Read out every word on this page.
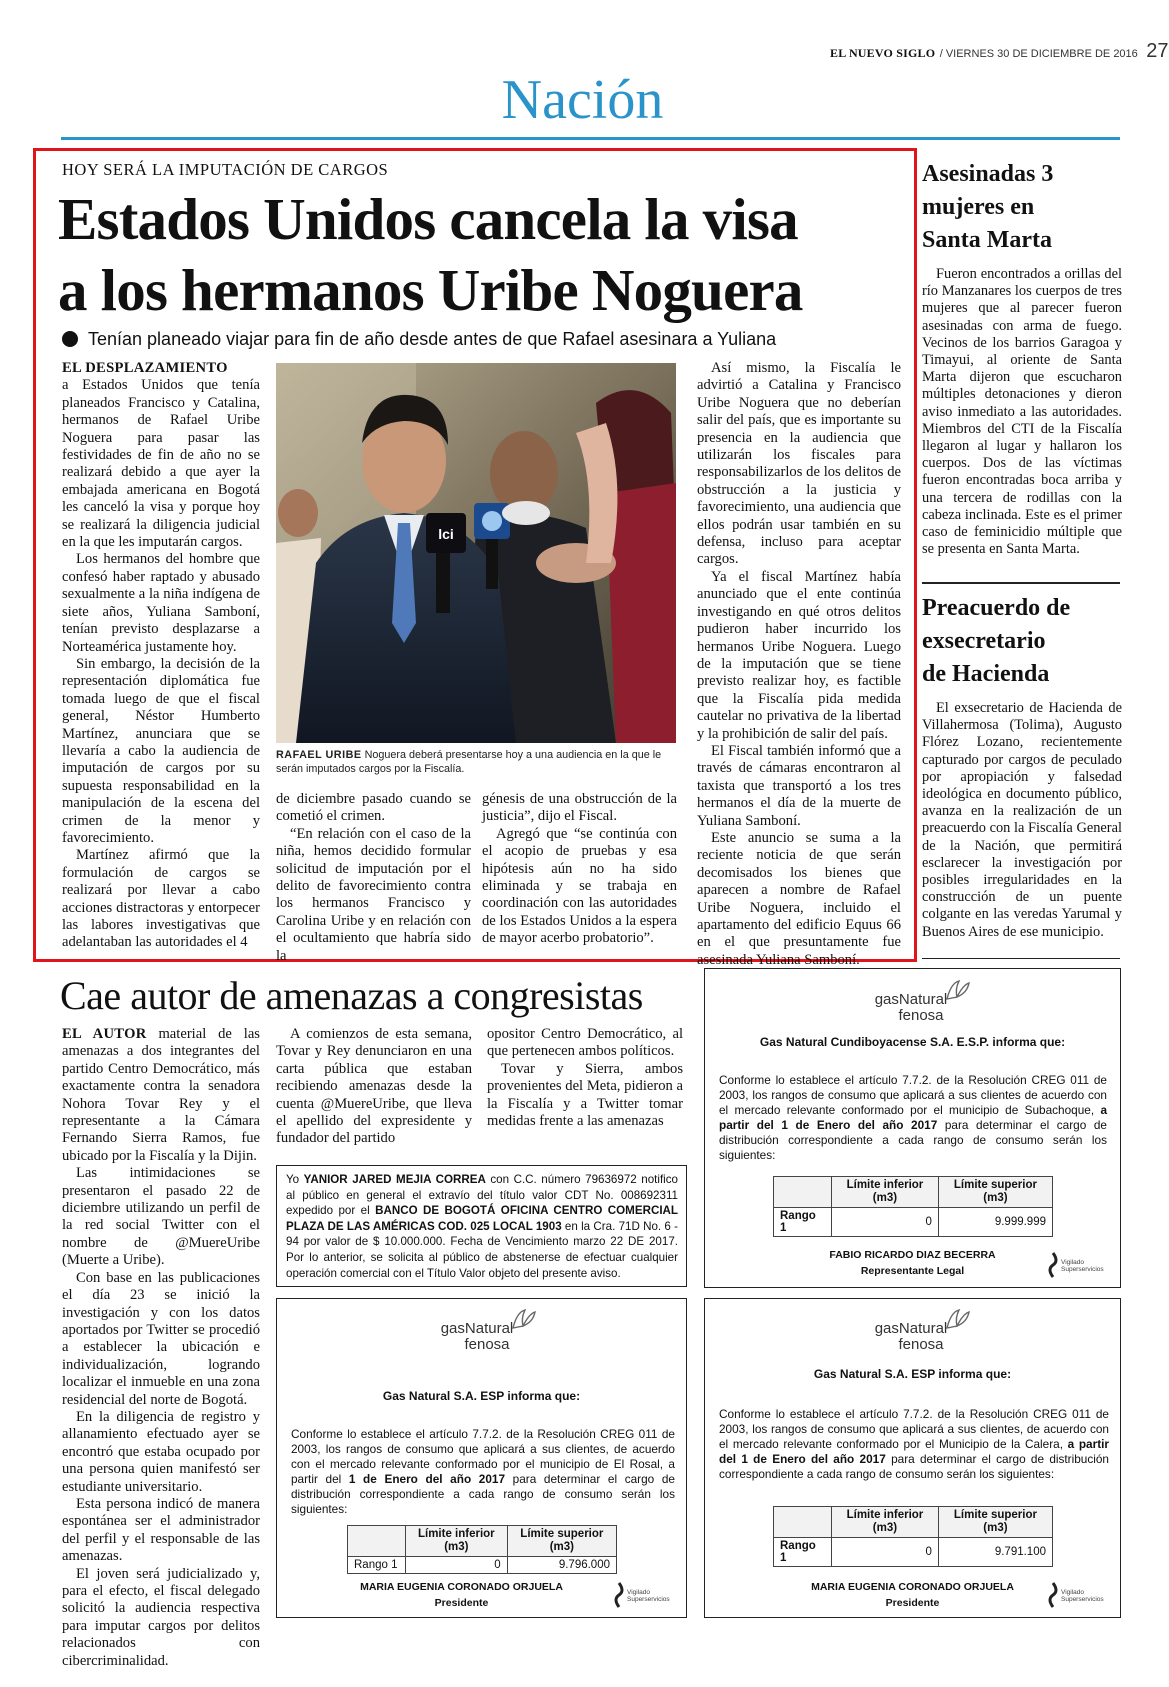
EL NUEVO SIGLO / VIERNES 30 DE DICIEMBRE DE 2016 27
Nación
HOY SERÁ LA IMPUTACIÓN DE CARGOS
Estados Unidos cancela la visa
a los hermanos Uribe Noguera
Tenían planeado viajar para fin de año desde antes de que Rafael asesinara a Yuliana

EL DESPLAZAMIENTO
a Estados Unidos que tenía planeados Francisco y Catalina, hermanos de Rafael Uribe Noguera para pasar las festividades de fin de año no se realizará debido a que ayer la embajada americana en Bogotá les canceló la visa y porque hoy se realizará la diligencia judicial en la que les imputarán cargos.

Los hermanos del hombre que confesó haber raptado y abusado sexualmente a la niña indígena de siete años, Yuliana Samboní, tenían previsto desplazarse a Norteamérica justamente hoy.

Sin embargo, la decisión de la representación diplomática fue tomada luego de que el fiscal general, Néstor Humberto Martínez, anunciara que se llevaría a cabo la audiencia de imputación de cargos por su supuesta responsabilidad en la manipulación de la escena del crimen de la menor y favorecimiento.

Martínez afirmó que la formulación de cargos se realizará por llevar a cabo acciones distractoras y entorpecer las labores investigativas que adelantaban las autoridades el 4

lci
RAFAEL URIBE Noguera deberá presentarse hoy a una audiencia en la que le serán imputados cargos por la Fiscalía.

de diciembre pasado cuando se cometió el crimen.

“En relación con el caso de la niña, hemos decidido formular solicitud de imputación por el delito de favorecimiento contra los hermanos Francisco y Carolina Uribe y en relación con el ocultamiento que habría sido la

génesis de una obstrucción de la justicia”, dijo el Fiscal.

Agregó que “se continúa con el acopio de pruebas y esa hipótesis aún no ha sido eliminada y se trabaja en coordinación con las autoridades de los Estados Unidos a la espera de mayor acerbo probatorio”.

Así mismo, la Fiscalía le advirtió a Catalina y Francisco Uribe Noguera que no deberían salir del país, que es importante su presencia en la audiencia que utilizarán los fiscales para responsabilizarlos de los delitos de obstrucción a la justicia y favorecimiento, una audiencia que ellos podrán usar también en su defensa, incluso para aceptar cargos.

Ya el fiscal Martínez había anunciado que el ente continúa investigando en qué otros delitos pudieron haber incurrido los hermanos Uribe Noguera. Luego de la imputación que se tiene previsto realizar hoy, es factible que la Fiscalía pida medida cautelar no privativa de la libertad y la prohibición de salir del país.

El Fiscal también informó que a través de cámaras encontraron al taxista que transportó a los tres hermanos el día de la muerte de Yuliana Samboní.

Este anuncio se suma a la reciente noticia de que serán decomisados los bienes que aparecen a nombre de Rafael Uribe Noguera, incluido el apartamento del edificio Equus 66 en el que presuntamente fue asesinada Yuliana Samboní.

Asesinadas 3
mujeres en
Santa Marta
Fueron encontrados a orillas del río Manzanares los cuerpos de tres mujeres que al parecer fueron asesinadas con arma de fuego. Vecinos de los barrios Garagoa y Timayui, al oriente de Santa Marta dijeron que escucharon múltiples detonaciones y dieron aviso inmediato a las autoridades. Miembros del CTI de la Fiscalía llegaron al lugar y hallaron los cuerpos. Dos de las víctimas fueron encontradas boca arriba y una tercera de rodillas con la cabeza inclinada. Este es el primer caso de feminicidio múltiple que se presenta en Santa Marta.
Preacuerdo de
exsecretario
de Hacienda
El exsecretario de Hacienda de Villahermosa (Tolima), Augusto Flórez Lozano, recientemente capturado por cargos de peculado por apropiación y falsedad ideológica en documento público, avanza en la realización de un preacuerdo con la Fiscalía General de la Nación, que permitirá esclarecer la investigación por posibles irregularidades en la construcción de un puente colgante en las veredas Yarumal y Buenos Aires de ese municipio.
Cae autor de amenazas a congresistas

EL AUTOR material de las amenazas a dos integrantes del partido Centro Democrático, más exactamente contra la senadora Nohora Tovar Rey y el representante a la Cámara Fernando Sierra Ramos, fue ubicado por la Fiscalía y la Dijin.

Las intimidaciones se presentaron el pasado 22 de diciembre utilizando un perfil de la red social Twitter con el nombre de @MuereUribe (Muerte a Uribe).

Con base en las publicaciones el día 23 se inició la investigación y con los datos aportados por Twitter se procedió a establecer la ubicación e individualización, logrando localizar el inmueble en una zona residencial del norte de Bogotá.

En la diligencia de registro y allanamiento efectuado ayer se encontró que estaba ocupado por una persona quien manifestó ser estudiante universitario.

Esta persona indicó de manera espontánea ser el administrador del perfil y el responsable de las amenazas.

El joven será judicializado y, para el efecto, el fiscal delegado solicitó la audiencia respectiva para imputar cargos por delitos relacionados con cibercriminalidad.

A comienzos de esta semana, Tovar y Rey denunciaron en una carta pública que estaban recibiendo amenazas desde la cuenta @MuereUribe, que lleva el apellido del expresidente y fundador del partido

opositor Centro Democrático, al que pertenecen ambos políticos.

Tovar y Sierra, ambos provenientes del Meta, pidieron a la Fiscalía y a Twitter tomar medidas frente a las amenazas

Yo YANIOR JARED MEJIA CORREA con C.C. número 79636972 notifico al público en general el extravío del título valor CDT No. 008692311 expedido por el BANCO DE BOGOTÁ OFICINA CENTRO COMERCIAL PLAZA DE LAS AMÉRICAS COD. 025 LOCAL 1903 en la Cra. 71D No. 6 - 94 por valor de $ 10.000.000. Fecha de Vencimiento marzo 22 DE 2017. Por lo anterior, se solicita al público de abstenerse de efectuar cualquier operación comercial con el Título Valor objeto del presente aviso.
gasNatural
fenosa
Gas Natural Cundiboyacense S.A. E.S.P. informa que:
Conforme lo establece el artículo 7.7.2. de la Resolución CREG 011 de 2003, los rangos de consumo que aplicará a sus clientes de acuerdo con el mercado relevante conformado por el municipio de Subachoque, a partir del 1 de Enero del año 2017 para determinar el cargo de distribución correspondiente a cada rango de consumo serán los siguientes:
	Límite inferior (m3)	Límite superior (m3)
Rango 1	0	9.999.999
FABIO RICARDO DIAZ BECERRA
Representante Legal
Vigilado Superservicios
gasNatural
fenosa
Gas Natural S.A. ESP informa que:
Conforme lo establece el artículo 7.7.2. de la Resolución CREG 011 de 2003, los rangos de consumo que aplicará a sus clientes, de acuerdo con el mercado relevante conformado por el municipio de El Rosal, a partir del 1 de Enero del año 2017 para determinar el cargo de distribución correspondiente a cada rango de consumo serán los siguientes:
	Límite inferior (m3)	Límite superior (m3)
Rango 1	0	9.796.000
MARIA EUGENIA CORONADO ORJUELA
Presidente
Vigilado Superservicios
gasNatural
fenosa
Gas Natural S.A. ESP informa que:
Conforme lo establece el artículo 7.7.2. de la Resolución CREG 011 de 2003, los rangos de consumo que aplicará a sus clientes, de acuerdo con el mercado relevante conformado por el Municipio de la Calera, a partir del 1 de Enero del año 2017 para determinar el cargo de distribución correspondiente a cada rango de consumo serán los siguientes:
	Límite inferior (m3)	Límite superior (m3)
Rango 1	0	9.791.100
MARIA EUGENIA CORONADO ORJUELA
Presidente
Vigilado Superservicios
